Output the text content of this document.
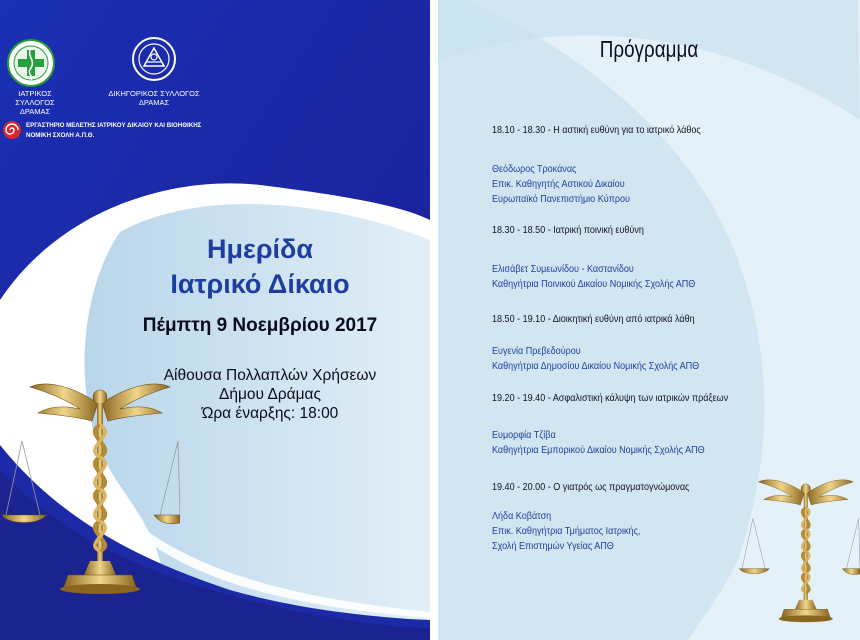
ΙΑΤΡΙΚΟΣ ΣΥΛΛΟΓΟΣ
ΔΡΑΜΑΣ
ΔΙΚΗΓΟΡΙΚΟΣ ΣΥΛΛΟΓΟΣ
ΔΡΑΜΑΣ
ΕΡΓΑΣΤΗΡΙΟ ΜΕΛΕΤΗΣ ΙΑΤΡΙΚΟΥ ΔΙΚΑΙΟΥ ΚΑΙ ΒΙΟΗΘΙΚΗΣ
ΝΟΜΙΚΗ ΣΧΟΛΗ Α.Π.Θ.
Ημερίδα
Ιατρικό Δίκαιο
Πέμπτη 9 Νοεμβρίου 2017
Αίθουσα Πολλαπλών Χρήσεων
Δήμου Δράμας
Ώρα έναρξης: 18:00
Πρόγραμμα
18.10 - 18.30 - Η αστική ευθύνη για το ιατρικό λάθος
Θεόδωρος Τροκάνας
Επικ. Καθηγητής Αστικού Δικαίου
Ευρωπαϊκό Πανεπιστήμιο Κύπρου
18.30 - 18.50 - Ιατρική ποινική ευθύνη
Ελισάβετ Συμεωνίδου - Καστανίδου
Καθηγήτρια Ποινικού Δικαίου Νομικής Σχολής ΑΠΘ
18.50 - 19.10 - Διοικητική ευθύνη από ιατρικά λάθη
Ευγενία Πρεβεδούρου
Καθηγήτρια Δημοσίου Δικαίου Νομικής Σχολής ΑΠΘ
19.20 - 19.40 - Ασφαλιστική κάλυψη των ιατρικών πράξεων
Ευμορφία Τζίβα
Καθηγήτρια Εμπορικού Δικαίου Νομικής Σχολής ΑΠΘ
19.40 - 20.00 - Ο γιατρός ως πραγματογνώμονας
Λήδα Κοβάτση
Επικ. Καθηγήτρια Τμήματος Ιατρικής,
Σχολή Επιστημών Υγείας ΑΠΘ
